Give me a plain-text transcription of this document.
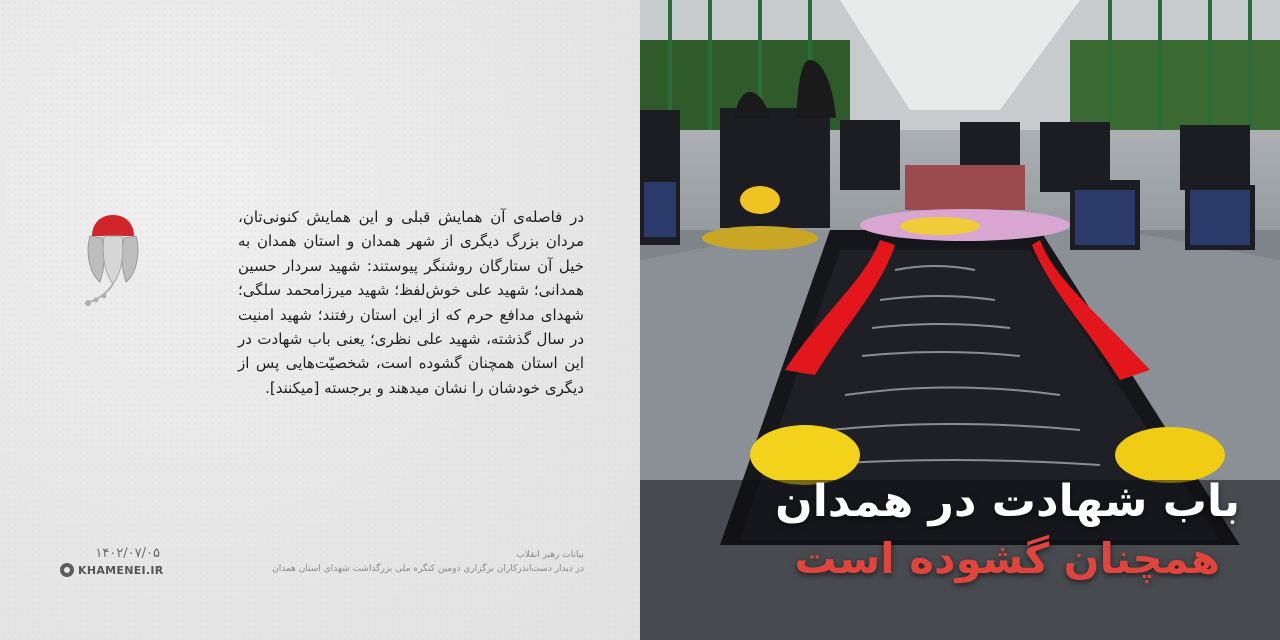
در فاصله‌ی آن همایش قبلی و این همایش کنونی‌تان، مردان بزرگ دیگری از شهر همدان و استان همدان به خیل آن ستارگان روشنگر پیوستند: شهید سردار حسین همدانی؛ شهید علی خوش‌لفظ؛ شهید میرزامحمد سلگی؛ شهدای مدافع حرم که از این استان رفتند؛ شهید امنیت در سال گذشته، شهید علی نظری؛ یعنی باب شهادت در این استان همچنان گشوده است، شخصیّت‌هایی پس از دیگری خودشان را نشان میدهند و برجسته [میکنند].

۱۴۰۲/۰۷/۰۵
KHAMENEI.IR
بیانات رهبر انقلاب
در دیدار دست‌اندرکاران برگزاری دومین کنگره ملی بزرگداشت شهدای استان همدان
باب شهادت در همدان
همچنان گشوده است
